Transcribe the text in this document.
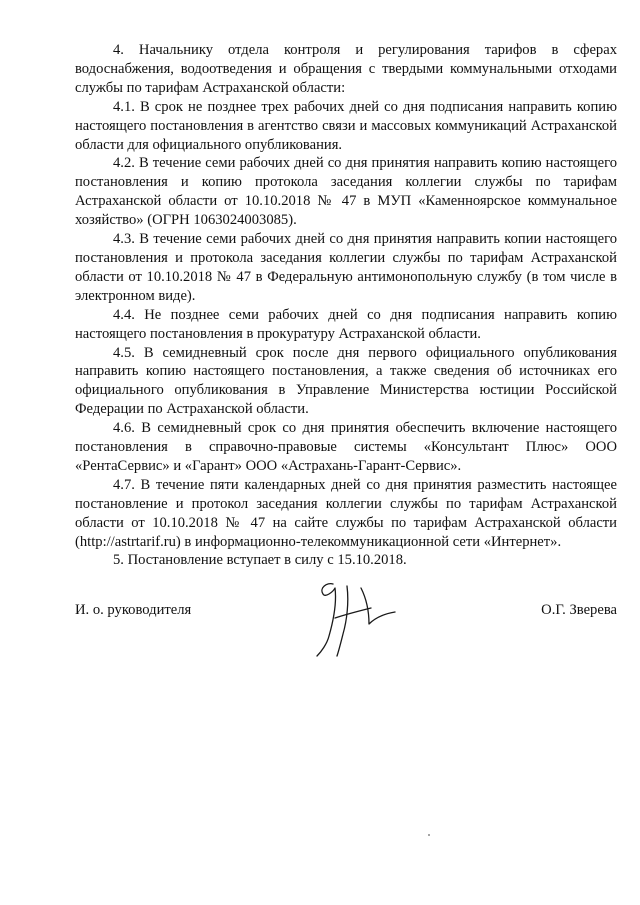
4. Начальнику отдела контроля и регулирования тарифов в сферах водоснабжения, водоотведения и обращения с твердыми коммунальными отходами службы по тарифам Астраханской области:

4.1. В срок не позднее трех рабочих дней со дня подписания направить копию настоящего постановления в агентство связи и массовых коммуникаций Астраханской области для официального опубликования.

4.2. В течение семи рабочих дней со дня принятия направить копию настоящего постановления и копию протокола заседания коллегии службы по тарифам Астраханской области от 10.10.2018 № 47 в МУП «Каменноярское коммунальное хозяйство» (ОГРН 1063024003085).

4.3. В течение семи рабочих дней со дня принятия направить копии настоящего постановления и протокола заседания коллегии службы по тарифам Астраханской области от 10.10.2018 № 47 в Федеральную антимонопольную службу (в том числе в электронном виде).

4.4. Не позднее семи рабочих дней со дня подписания направить копию настоящего постановления в прокуратуру Астраханской области.

4.5. В семидневный срок после дня первого официального опубликования направить копию настоящего постановления, а также сведения об источниках его официального опубликования в Управление Министерства юстиции Российской Федерации по Астраханской области.

4.6. В семидневный срок со дня принятия обеспечить включение настоящего постановления в справочно-правовые системы «Консультант Плюс» ООО «РентаСервис» и «Гарант» ООО «Астрахань-Гарант-Сервис».

4.7. В течение пяти календарных дней со дня принятия разместить настоящее постановление и протокол заседания коллегии службы по тарифам Астраханской области от 10.10.2018 № 47 на сайте службы по тарифам Астраханской области (http://astrtarif.ru) в информационно-телекоммуникационной сети «Интернет».

5. Постановление вступает в силу с 15.10.2018.

И. о. руководителя	О.Г. Зверева
